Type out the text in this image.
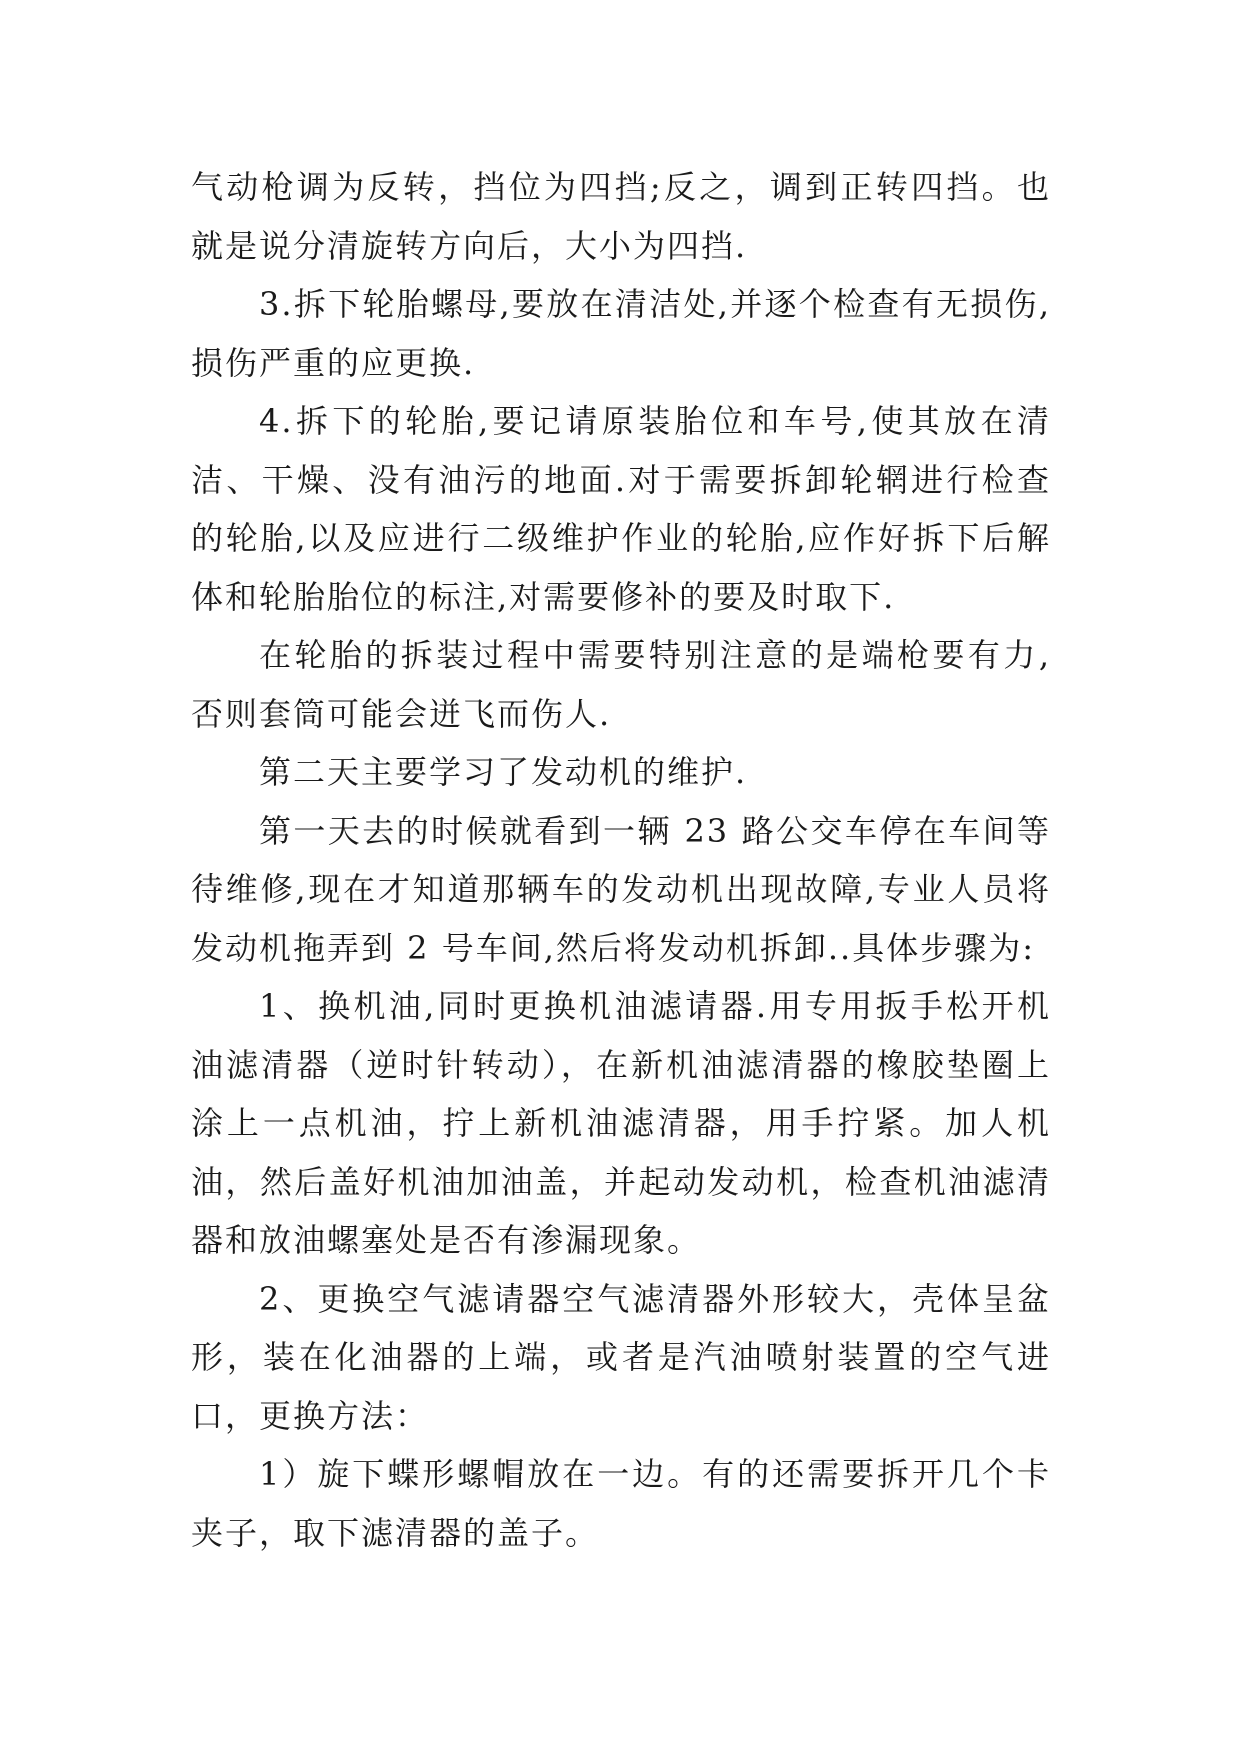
气动枪调为反转，挡位为四挡;反之，调到正转四挡。也就是说分清旋转方向后，大小为四挡.

3.拆下轮胎螺母,要放在清洁处,并逐个检查有无损伤,损伤严重的应更换.

4.拆下的轮胎,要记请原装胎位和车号,使其放在清洁、干燥、没有油污的地面.对于需要拆卸轮辋进行检查的轮胎,以及应进行二级维护作业的轮胎,应作好拆下后解体和轮胎胎位的标注,对需要修补的要及时取下.

在轮胎的拆装过程中需要特别注意的是端枪要有力,否则套筒可能会迸飞而伤人.

第二天主要学习了发动机的维护.

第一天去的时候就看到一辆 23 路公交车停在车间等待维修,现在才知道那辆车的发动机出现故障,专业人员将发动机拖弄到 2 号车间,然后将发动机拆卸..具体步骤为:

1、换机油,同时更换机油滤请器.用专用扳手松开机油滤清器（逆时针转动），在新机油滤清器的橡胶垫圈上涂上一点机油，拧上新机油滤清器，用手拧紧。加人机油，然后盖好机油加油盖，并起动发动机，检查机油滤清器和放油螺塞处是否有渗漏现象。

2、更换空气滤请器空气滤清器外形较大，壳体呈盆形，装在化油器的上端，或者是汽油喷射装置的空气进口，更换方法：

1）旋下蝶形螺帽放在一边。有的还需要拆开几个卡夹子，取下滤清器的盖子。
